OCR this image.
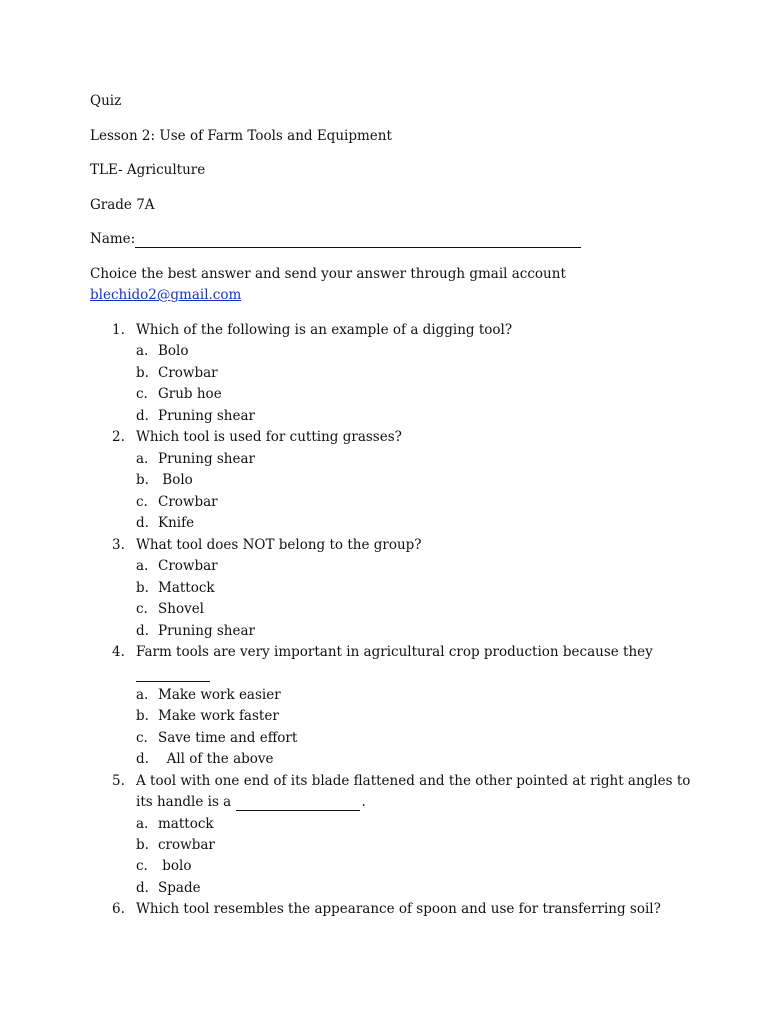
Quiz
Lesson 2: Use of Farm Tools and Equipment
TLE- Agriculture
Grade 7A
Name:
Choice the best answer and send your answer through gmail account
blechido2@gmail.com
1. Which of the following is an example of a digging tool?
a. Bolo
b. Crowbar
c. Grub hoe
d. Pruning shear
2. Which tool is used for cutting grasses?
a. Pruning shear
b. Bolo
c. Crowbar
d. Knife
3. What tool does NOT belong to the group?
a. Crowbar
b. Mattock
c. Shovel
d. Pruning shear
4. Farm tools are very important in agricultural crop production because they
a. Make work easier
b. Make work faster
c. Save time and effort
d.  All of the above
5. A tool with one end of its blade flattened and the other pointed at right angles to
its handle is a	.
a. mattock
b. crowbar
c. bolo
d. Spade
6. Which tool resembles the appearance of spoon and use for transferring soil?
